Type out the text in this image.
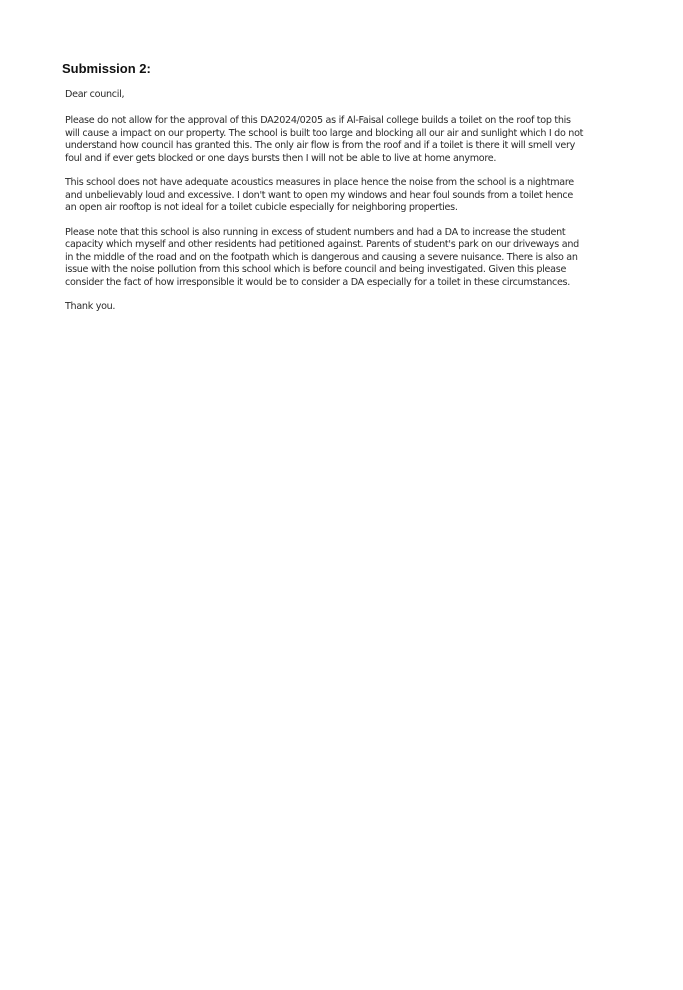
Submission 2:

Dear council,

Please do not allow for the approval of this DA2024/0205 as if Al-Faisal college builds a toilet on the roof top this will cause a impact on our property. The school is built too large and blocking all our air and sunlight which I do not understand how council has granted this. The only air flow is from the roof and if a toilet is there it will smell very foul and if ever gets blocked or one days bursts then I will not be able to live at home anymore.

This school does not have adequate acoustics measures in place hence the noise from the school is a nightmare and unbelievably loud and excessive. I don't want to open my windows and hear foul sounds from a toilet hence an open air rooftop is not ideal for a toilet cubicle especially for neighboring properties.

Please note that this school is also running in excess of student numbers and had a DA to increase the student capacity which myself and other residents had petitioned against. Parents of student's park on our driveways and in the middle of the road and on the footpath which is dangerous and causing a severe nuisance. There is also an issue with the noise pollution from this school which is before council and being investigated. Given this please consider the fact of how irresponsible it would be to consider a DA especially for a toilet in these circumstances.

Thank you.
